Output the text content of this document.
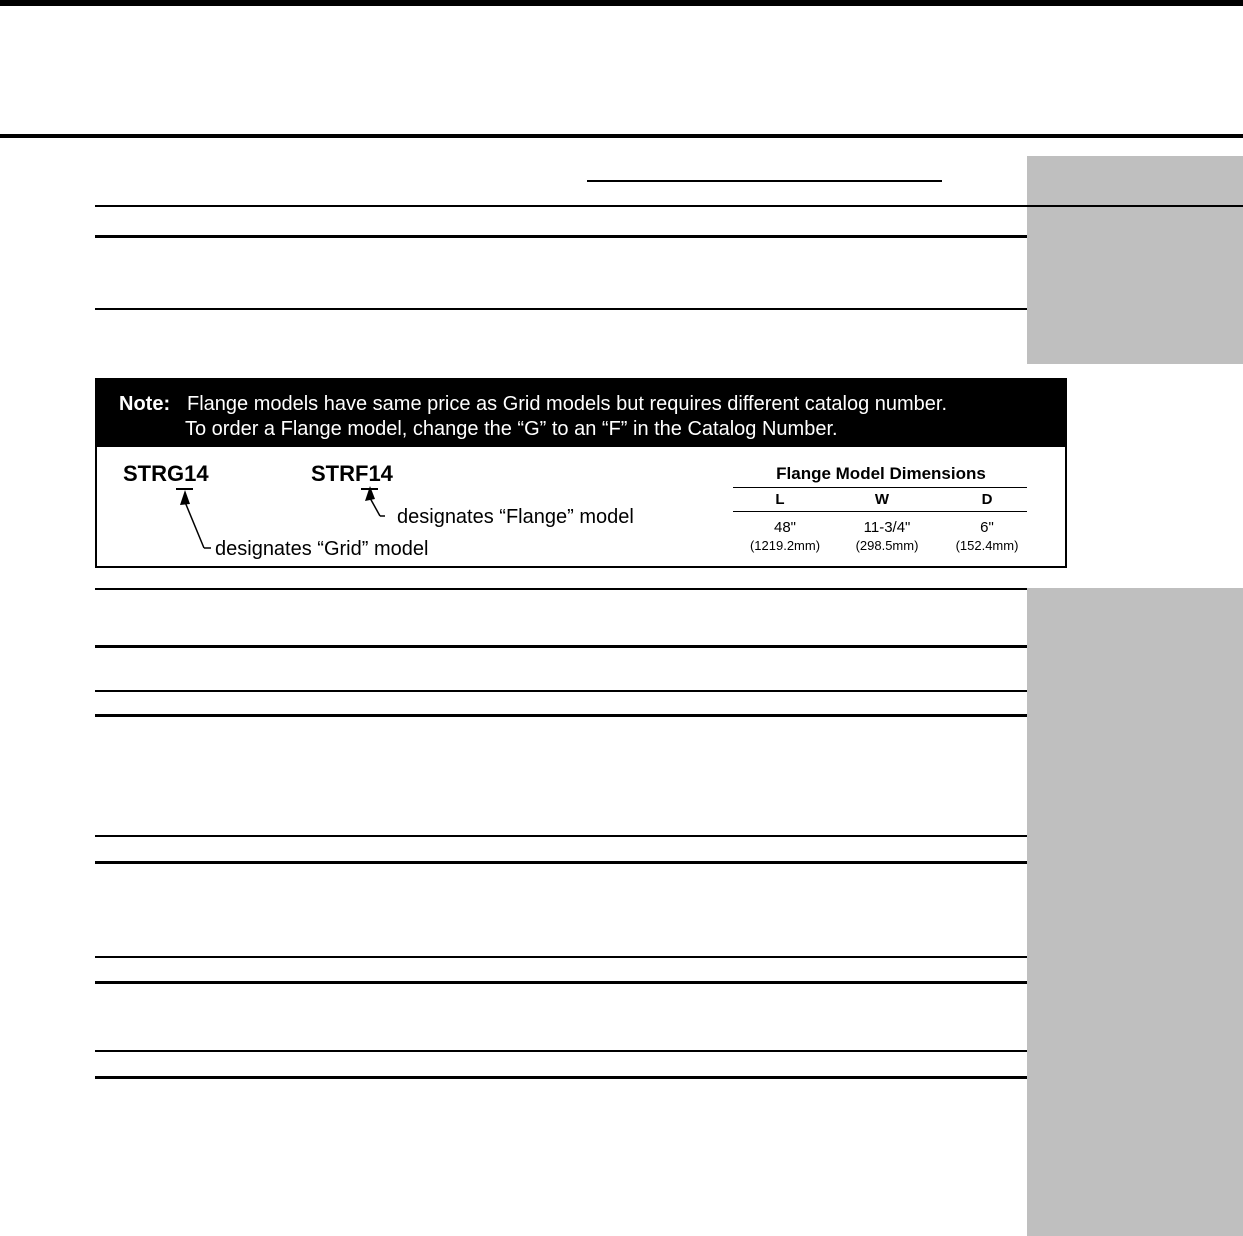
Note: Flange models have same price as Grid models but requires different catalog number.
To order a Flange model, change the “G” to an “F” in the Catalog Number.
STRG14	STRF14
designates “Flange” model
designates “Grid” model
Flange Model Dimensions
L	W	D
48"	11-3/4"	6"
(1219.2mm)	(298.5mm)	(152.4mm)
